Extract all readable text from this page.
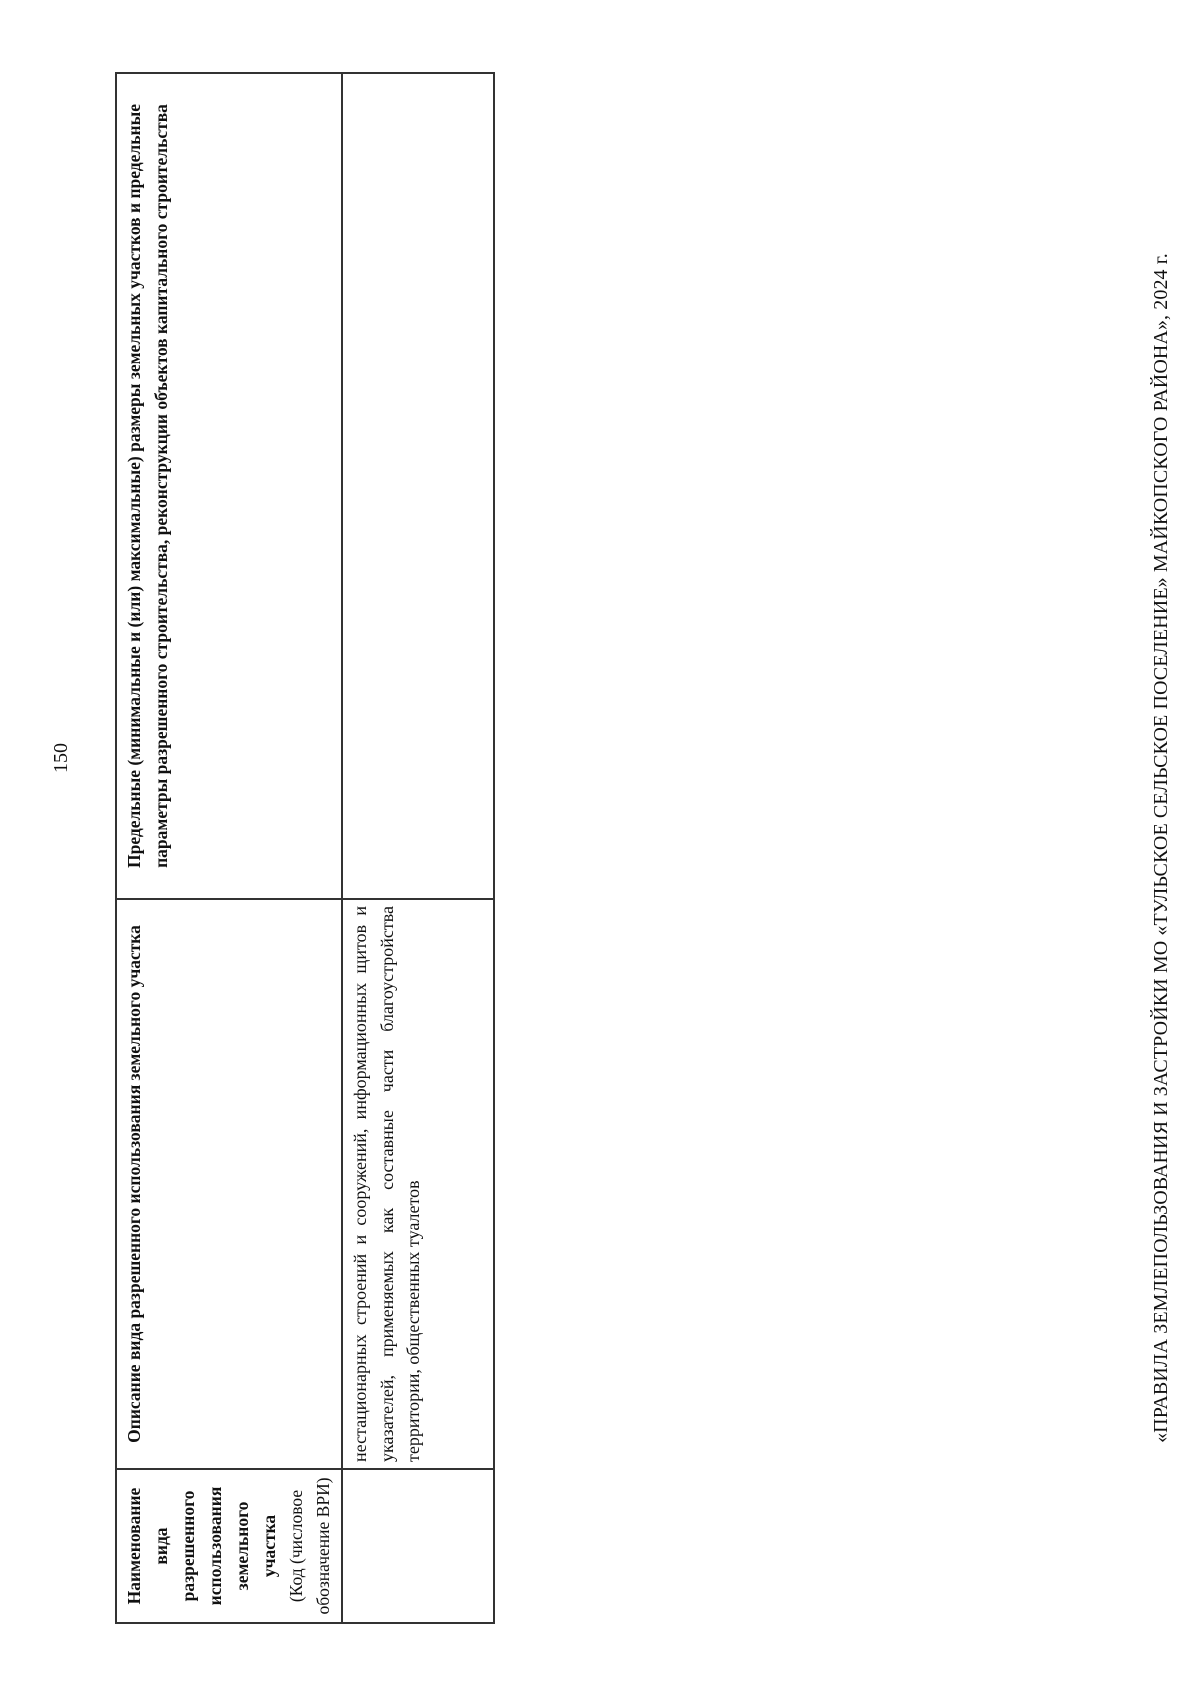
150
Наименование вида разрешенного использования земельного участка (Код (числовое обозначение ВРИ)	Описание вида разрешенного использования земельного участка	Предельные (минимальные и (или) максимальные) размеры земельных участков и предельные параметры разрешенного строительства, реконструкции объектов капитального строительства

	нестационарных строений и сооружений, информационных щитов и указателей, применяемых как составные части благоустройства территории, общественных туалетов	

		«ПРАВИЛА ЗЕМЛЕПОЛЬЗОВАНИЯ И ЗАСТРОЙКИ МО «ТУЛЬСКОЕ СЕЛЬСКОЕ ПОСЕЛЕНИЕ» МАЙКОПСКОГО РАЙОНА», 2024 г.
